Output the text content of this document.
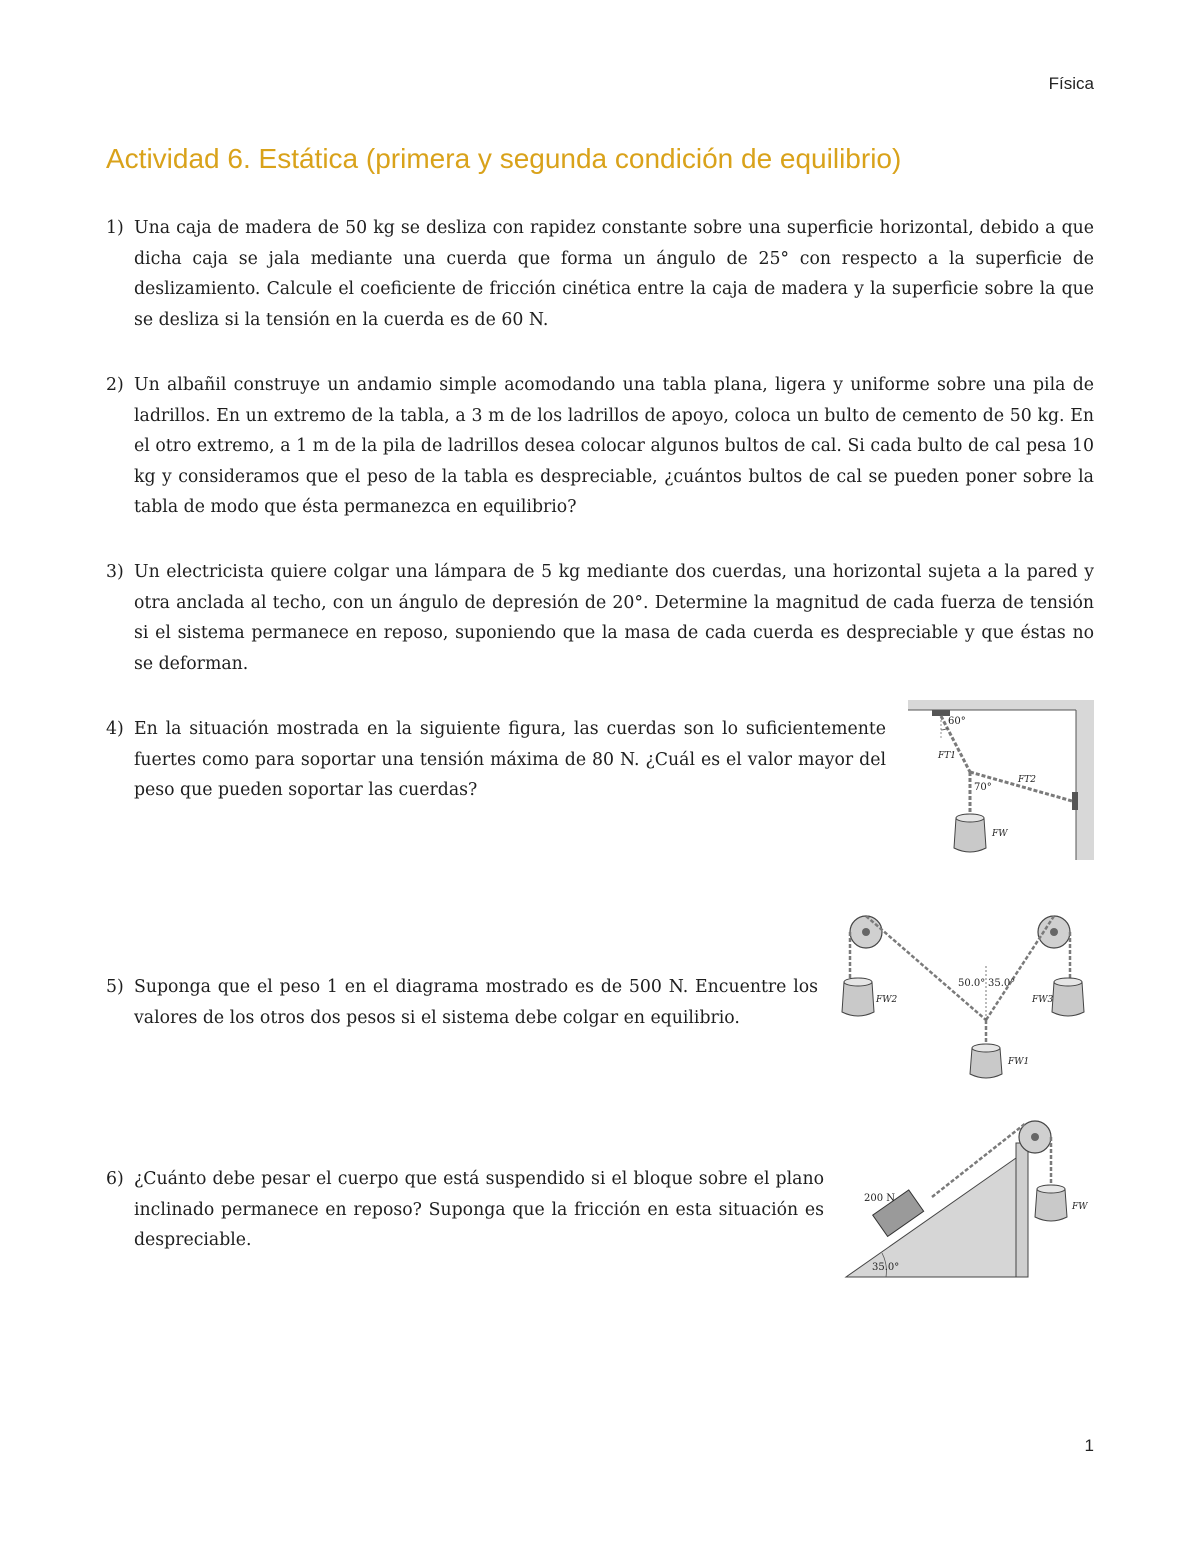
Física
Actividad 6. Estática (primera y segunda condición de equilibrio)
1) Una caja de madera de 50 kg se desliza con rapidez constante sobre una superficie horizontal, debido a que dicha caja se jala mediante una cuerda que forma un ángulo de 25° con respecto a la superficie de deslizamiento. Calcule el coeficiente de fricción cinética entre la caja de madera y la superficie sobre la que se desliza si la tensión en la cuerda es de 60 N.
2) Un albañil construye un andamio simple acomodando una tabla plana, ligera y uniforme sobre una pila de ladrillos. En un extremo de la tabla, a 3 m de los ladrillos de apoyo, coloca un bulto de cemento de 50 kg. En el otro extremo, a 1 m de la pila de ladrillos desea colocar algunos bultos de cal. Si cada bulto de cal pesa 10 kg y consideramos que el peso de la tabla es despreciable, ¿cuántos bultos de cal se pueden poner sobre la tabla de modo que ésta permanezca en equilibrio?
3) Un electricista quiere colgar una lámpara de 5 kg mediante dos cuerdas, una horizontal sujeta a la pared y otra anclada al techo, con un ángulo de depresión de 20°. Determine la magnitud de cada fuerza de tensión si el sistema permanece en reposo, suponiendo que la masa de cada cuerda es despreciable y que éstas no se deforman.
4) En la situación mostrada en la siguiente figura, las cuerdas son lo suficientemente fuertes como para soportar una tensión máxima de 80 N. ¿Cuál es el valor mayor del peso que pueden soportar las cuerdas?
60°
70°
FT1
FT2
FW
5) Suponga que el peso 1 en el diagrama mostrado es de 500 N. Encuentre los valores de los otros dos pesos si el sistema debe colgar en equilibrio.
50.0° 35.0°
FW2	FW3
FW1
6) ¿Cuánto debe pesar el cuerpo que está suspendido si el bloque sobre el plano inclinado permanece en reposo? Suponga que la fricción en esta situación es despreciable.
200 N
35.0°
FW
1
